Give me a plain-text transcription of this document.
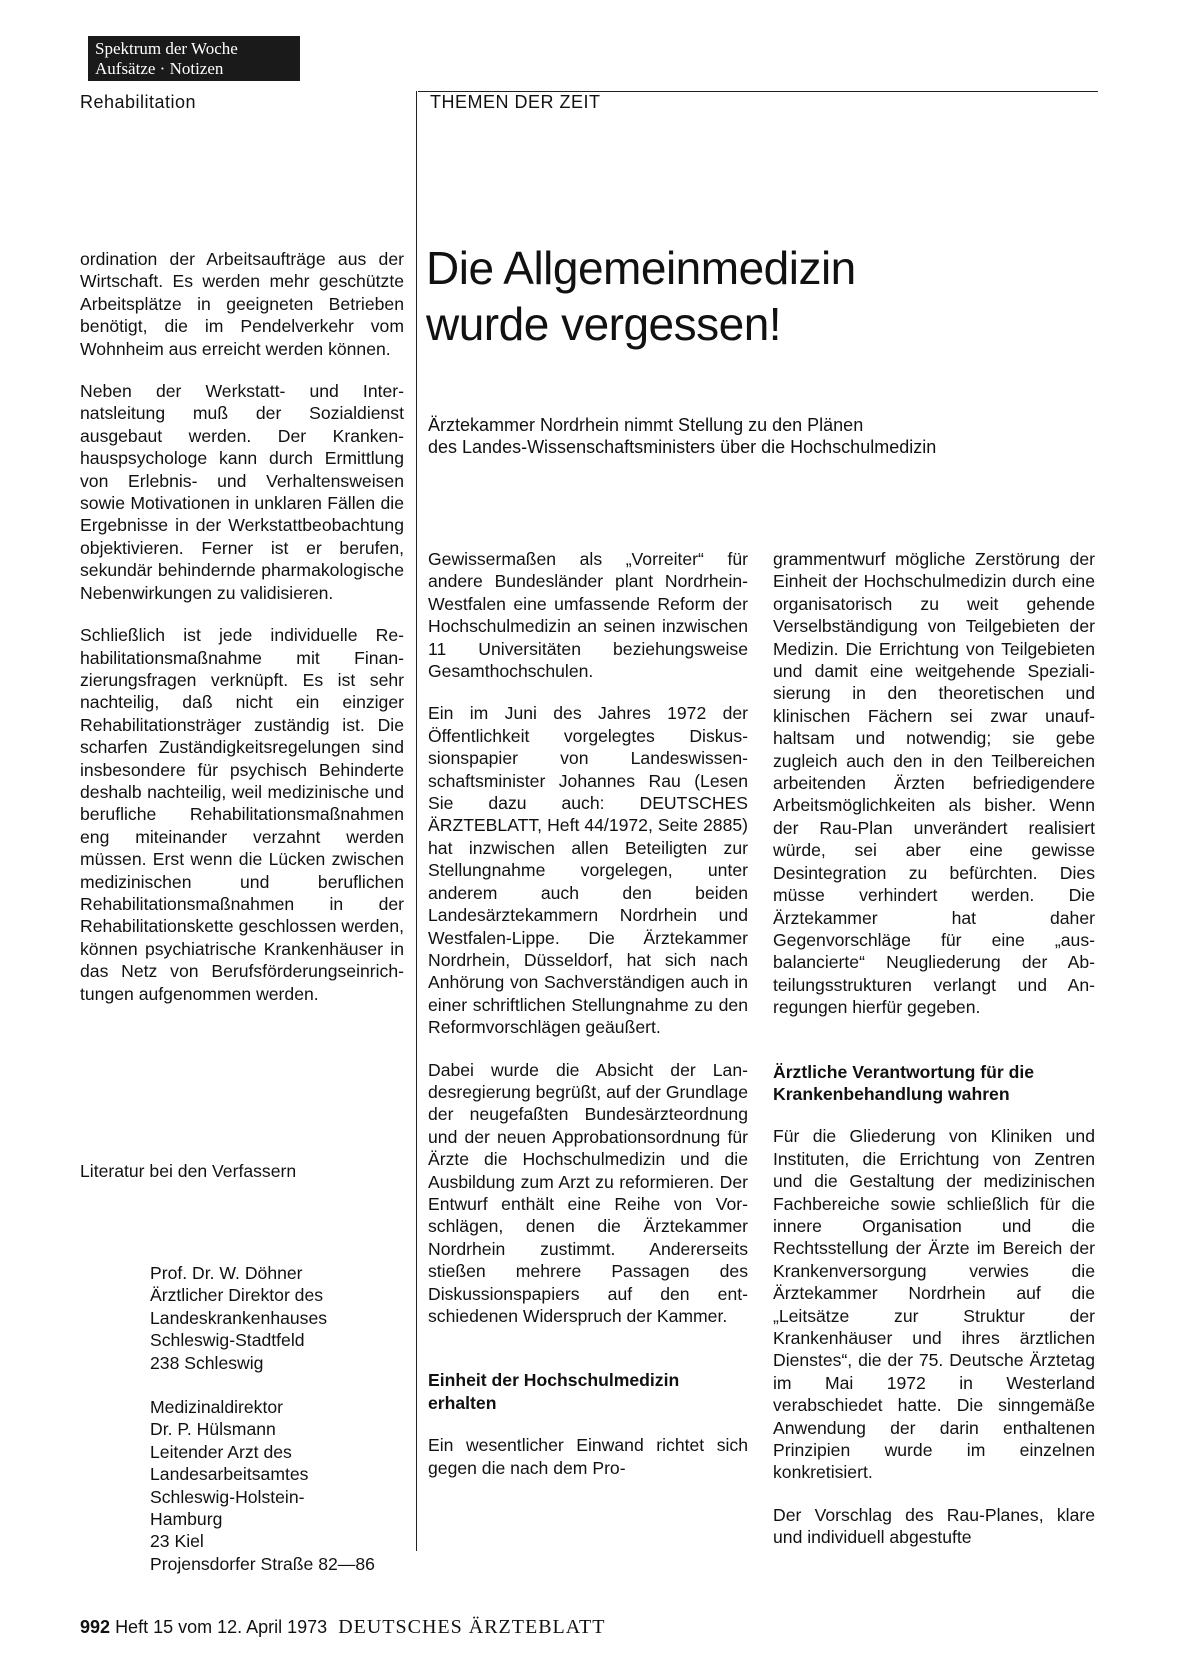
Spektrum der Woche
Aufsätze · Notizen
Rehabilitation	THEMEN DER ZEIT

ordination der Arbeitsaufträge aus der Wirtschaft. Es werden mehr geschützte Arbeitsplätze in geeigneten Betrieben benötigt, die im Pendelverkehr vom Wohnheim aus erreicht werden können.

Neben der Werkstatt- und Internatsleitung muß der Sozialdienst ausgebaut werden. Der Krankenhauspsychologe kann durch Ermittlung von Erlebnis- und Verhaltensweisen sowie Motivationen in unklaren Fällen die Ergebnisse in der Werkstattbeobachtung objektivieren. Ferner ist er berufen, sekundär behindernde pharmakologische Nebenwirkungen zu validisieren.

Schließlich ist jede individuelle Rehabilitationsmaßnahme mit Finanzierungsfragen verknüpft. Es ist sehr nachteilig, daß nicht ein einziger Rehabilitationsträger zuständig ist. Die scharfen Zuständigkeitsregelungen sind insbesondere für psychisch Behinderte deshalb nachteilig, weil medizinische und berufliche Rehabilitationsmaßnahmen eng miteinander verzahnt werden müssen. Erst wenn die Lücken zwischen medizinischen und beruflichen Rehabilitationsmaßnahmen in der Rehabilitationskette geschlossen werden, können psychiatrische Krankenhäuser in das Netz von Berufsförderungseinrichtungen aufgenommen werden.

Literatur bei den Verfassern
Prof. Dr. W. Döhner
Ärztlicher Direktor des
Landeskrankenhauses
Schleswig-Stadtfeld
238 Schleswig
Medizinaldirektor
Dr. P. Hülsmann
Leitender Arzt des
Landesarbeitsamtes
Schleswig-Holstein-
Hamburg
23 Kiel
Projensdorfer Straße 82—86
Die Allgemeinmedizin
wurde vergessen!
Ärztekammer Nordrhein nimmt Stellung zu den Plänen
des Landes-Wissenschaftsministers über die Hochschulmedizin

Gewissermaßen als „Vorreiter“ für andere Bundesländer plant Nordrhein-Westfalen eine umfassende Reform der Hochschulmedizin an seinen inzwischen 11 Universitäten beziehungsweise Gesamthochschulen.

Ein im Juni des Jahres 1972 der Öffentlichkeit vorgelegtes Diskussionspapier von Landeswissenschaftsminister Johannes Rau (Lesen Sie dazu auch: DEUTSCHES ÄRZTEBLATT, Heft 44/1972, Seite 2885) hat inzwischen allen Beteiligten zur Stellungnahme vorgelegen, unter anderem auch den beiden Landesärztekammern Nordrhein und Westfalen-Lippe. Die Ärztekammer Nordrhein, Düsseldorf, hat sich nach Anhörung von Sachverständigen auch in einer schriftlichen Stellungnahme zu den Reformvorschlägen geäußert.

Dabei wurde die Absicht der Landesregierung begrüßt, auf der Grundlage der neugefaßten Bundesärzteordnung und der neuen Approbationsordnung für Ärzte die Hochschulmedizin und die Ausbildung zum Arzt zu reformieren. Der Entwurf enthält eine Reihe von Vorschlägen, denen die Ärztekammer Nordrhein zustimmt. Andererseits stießen mehrere Passagen des Diskussionspapiers auf den entschiedenen Widerspruch der Kammer.

Einheit der Hochschulmedizin erhalten

Ein wesentlicher Einwand richtet sich gegen die nach dem Pro-

grammentwurf mögliche Zerstörung der Einheit der Hochschulmedizin durch eine organisatorisch zu weit gehende Verselbständigung von Teilgebieten der Medizin. Die Errichtung von Teilgebieten und damit eine weitgehende Spezialisierung in den theoretischen und klinischen Fächern sei zwar unaufhaltsam und notwendig; sie gebe zugleich auch den in den Teilbereichen arbeitenden Ärzten befriedigendere Arbeitsmöglichkeiten als bisher. Wenn der Rau-Plan unverändert realisiert würde, sei aber eine gewisse Desintegration zu befürchten. Dies müsse verhindert werden. Die Ärztekammer hat daher Gegenvorschläge für eine „ausbalancierte“ Neugliederung der Abteilungsstrukturen verlangt und Anregungen hierfür gegeben.

Ärztliche Verantwortung für die Krankenbehandlung wahren

Für die Gliederung von Kliniken und Instituten, die Errichtung von Zentren und die Gestaltung der medizinischen Fachbereiche sowie schließlich für die innere Organisation und die Rechtsstellung der Ärzte im Bereich der Krankenversorgung verwies die Ärztekammer Nordrhein auf die „Leitsätze zur Struktur der Krankenhäuser und ihres ärztlichen Dienstes“, die der 75. Deutsche Ärztetag im Mai 1972 in Westerland verabschiedet hatte. Die sinngemäße Anwendung der darin enthaltenen Prinzipien wurde im einzelnen konkretisiert.

Der Vorschlag des Rau-Planes, klare und individuell abgestufte

992 Heft 15 vom 12. April 1973 DEUTSCHES ÄRZTEBLATT
